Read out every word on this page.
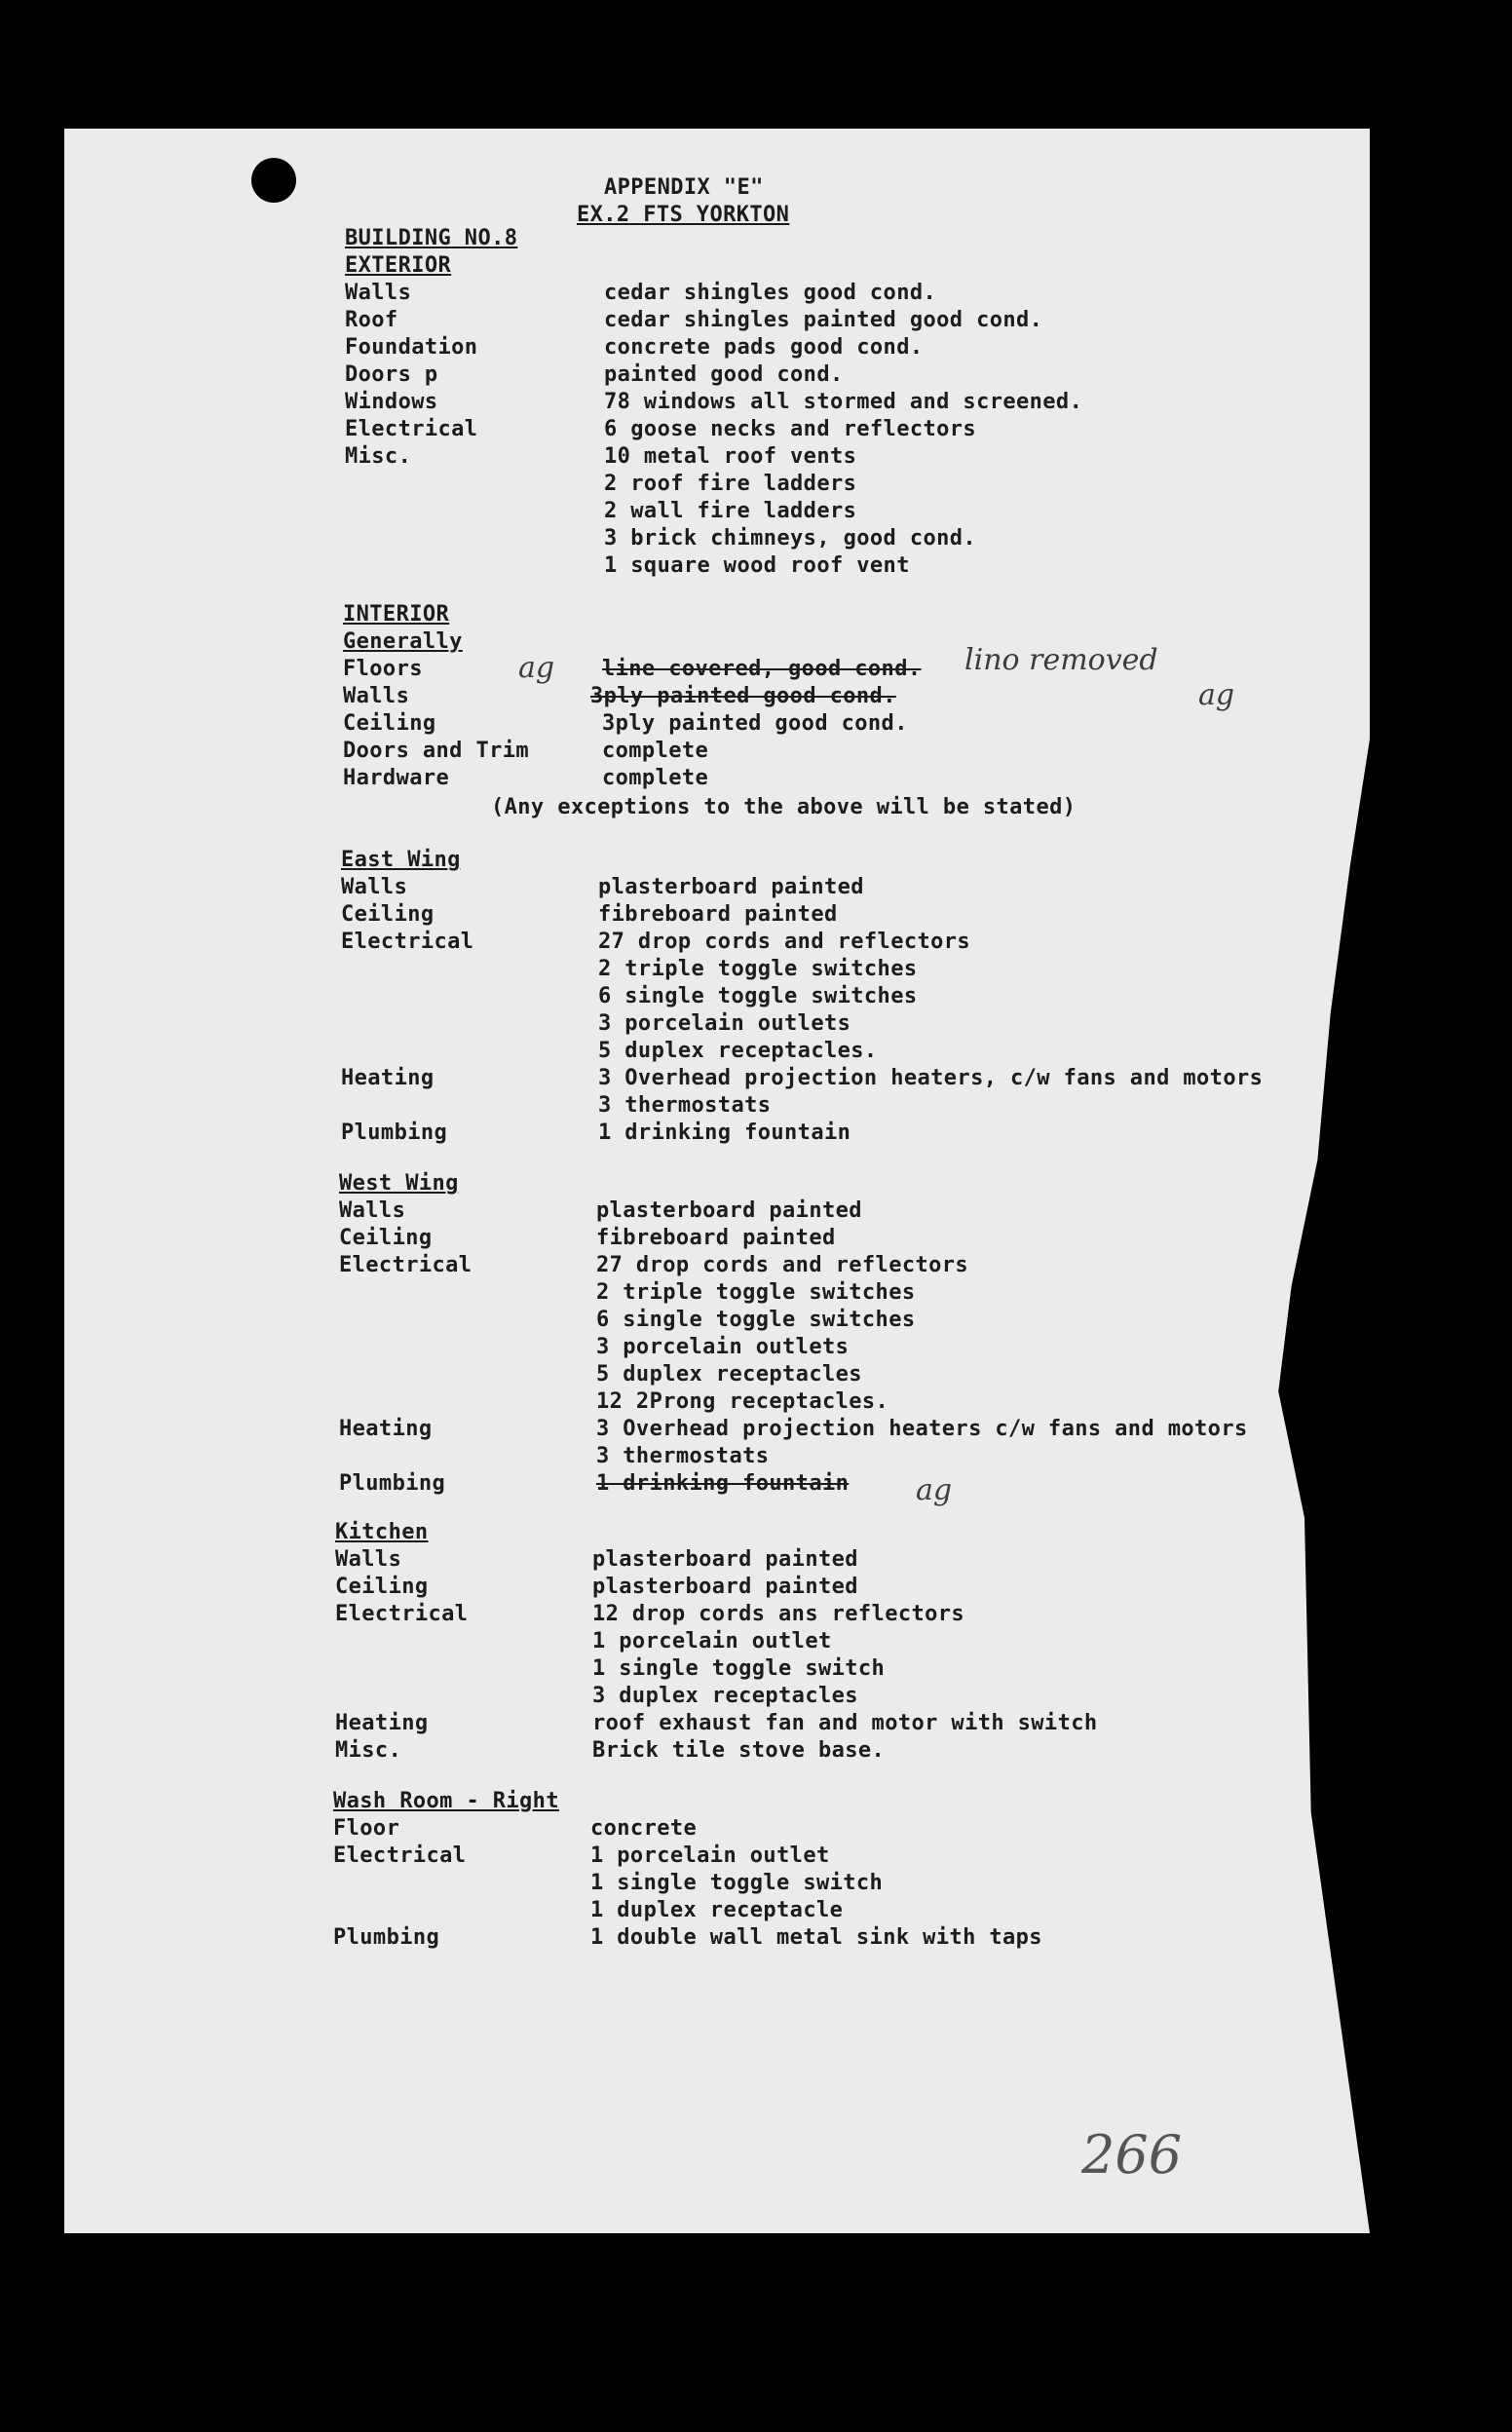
APPENDIX "E"
EX.2 FTS YORKTON
BUILDING NO.8
EXTERIOR
Walls	cedar shingles good cond.
Roof	cedar shingles painted good cond.
Foundation	concrete pads good cond.
Doors p	painted good cond.
Windows	78 windows all stormed and screened.
Electrical	6 goose necks and reflectors
Misc.	10 metal roof vents
2 roof fire ladders
2 wall fire ladders
3 brick chimneys, good cond.
1 square wood roof vent
INTERIOR
Generally
Floors	line covered, good cond.
Walls	3ply painted good cond.
Ceiling	3ply painted good cond.
Doors and Trim	complete
Hardware	complete
(Any exceptions to the above will be stated)
East Wing
Walls	plasterboard painted
Ceiling	fibreboard painted
Electrical	27 drop cords and reflectors
2 triple toggle switches
6 single toggle switches
3 porcelain outlets
5 duplex receptacles.
Heating	3 Overhead projection heaters, c/w fans and motors
3 thermostats
Plumbing	1 drinking fountain
West Wing
Walls	plasterboard painted
Ceiling	fibreboard painted
Electrical	27 drop cords and reflectors
2 triple toggle switches
6 single toggle switches
3 porcelain outlets
5 duplex receptacles
12 2Prong receptacles.
Heating	3 Overhead projection heaters c/w fans and motors
3 thermostats
Plumbing	1 drinking fountain
Kitchen
Walls	plasterboard painted
Ceiling	plasterboard painted
Electrical	12 drop cords ans reflectors
1 porcelain outlet
1 single toggle switch
3 duplex receptacles
Heating	roof exhaust fan and motor with switch
Misc.	Brick tile stove base.
Wash Room - Right
Floor	concrete
Electrical	1 porcelain outlet
1 single toggle switch
1 duplex receptacle
Plumbing	1 double wall metal sink with taps
ag	lino removed
ag
ag
266
